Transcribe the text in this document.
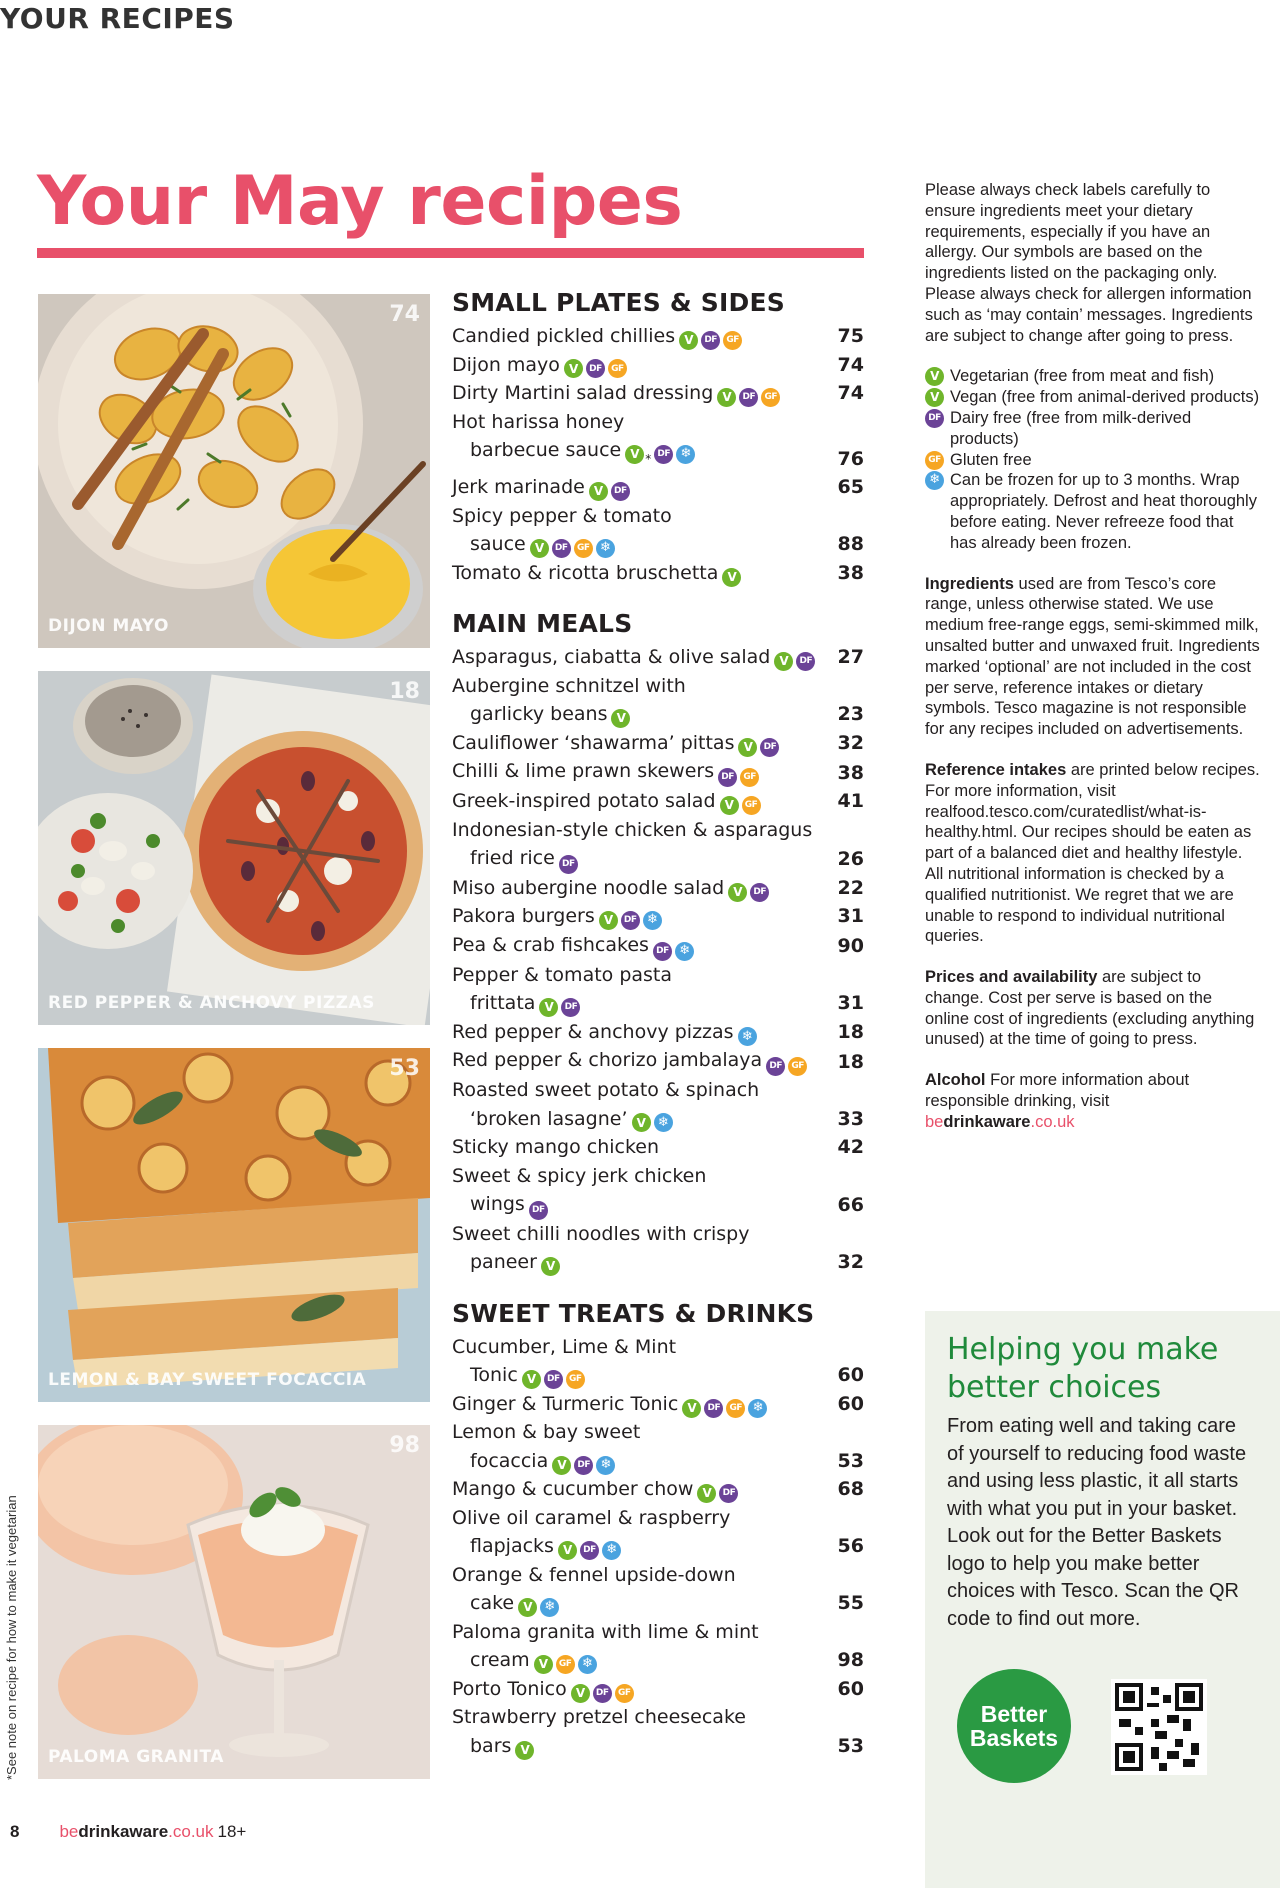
YOUR RECIPES
Your May recipes
74
DIJON MAYO
18
RED PEPPER & ANCHOVY PIZZAS
53
LEMON & BAY SWEET FOCACCIA
98
PALOMA GRANITA
SMALL PLATES & SIDES
Candied pickled chillies V	DF	GF	75
Dijon mayo V	DF	GF	74
Dirty Martini salad dressing V	DF	GF	74
Hot harissa honey
barbecue sauce V * DF ❄	76
Jerk marinade V	DF	65
Spicy pepper & tomato
sauce V	DF	GF ❄	88
Tomato & ricotta bruschetta V	38
MAIN MEALS
Asparagus, ciabatta & olive salad V	DF 27
Aubergine schnitzel with
garlicky beans V	23
Cauliflower ‘shawarma’ pittas V	DF	32
Chilli & lime prawn skewers DF	GF	38
Greek-inspired potato salad V	GF	41
Indonesian-style chicken & asparagus
fried rice DF	26
Miso aubergine noodle salad V	DF	22
Pakora burgers V	DF ❄	31
Pea & crab fishcakes DF ❄	90
Pepper & tomato pasta
frittata V	DF	31
Red pepper & anchovy pizzas ❄	18
Red pepper & chorizo jambalaya DF	GF 18
Roasted sweet potato & spinach
‘broken lasagne’ V ❄	33
Sticky mango chicken	42
Sweet & spicy jerk chicken
wings DF	66
Sweet chilli noodles with crispy
paneer V	32
SWEET TREATS & DRINKS
Cucumber, Lime & Mint
Tonic V	DF	GF	60
Ginger & Turmeric Tonic V	DF	GF ❄	60
Lemon & bay sweet
focaccia V	DF ❄	53
Mango & cucumber chow V	DF	68
Olive oil caramel & raspberry
flapjacks V	DF ❄	56
Orange & fennel upside-down
cake V ❄	55
Paloma granita with lime & mint
cream V	GF ❄	98
Porto Tonico V	DF	GF	60
Strawberry pretzel cheesecake
bars V	53

Please always check labels carefully to ensure ingredients meet your dietary requirements, especially if you have an allergy. Our symbols are based on the ingredients listed on the packaging only. Please always check for allergen information such as ‘may contain’ messages. Ingredients are subject to change after going to press.

V Vegetarian (free from meat and fish)
V Vegan (free from animal-derived products)
DF Dairy free (free from milk-derived products)
GF Gluten free
❄ Can be frozen for up to 3 months. Wrap appropriately. Defrost and heat thoroughly before eating. Never refreeze food that has already been frozen.

Ingredients used are from Tesco’s core range, unless otherwise stated. We use medium free-range eggs, semi-skimmed milk, unsalted butter and unwaxed fruit. Ingredients marked ‘optional’ are not included in the cost per serve, reference intakes or dietary symbols. Tesco magazine is not responsible for any recipes included on advertisements.

Reference intakes are printed below recipes. For more information, visit realfood.tesco.com/curatedlist/what-is-healthy.html. Our recipes should be eaten as part of a balanced diet and healthy lifestyle. All nutritional information is checked by a qualified nutritionist. We regret that we are unable to respond to individual nutritional queries.

Prices and availability are subject to change. Cost per serve is based on the online cost of ingredients (excluding anything unused) at the time of going to press.

Alcohol For more information about responsible drinking, visit
bedrinkaware.co.uk

Helping you make better choices

From eating well and taking care of yourself to reducing food waste and using less plastic, it all starts with what you put in your basket. Look out for the Better Baskets logo to help you make better choices with Tesco. Scan the QR code to find out more.

Better
Baskets
*See note on recipe for how to make it vegetarian
8 bedrinkaware.co.uk 18+
